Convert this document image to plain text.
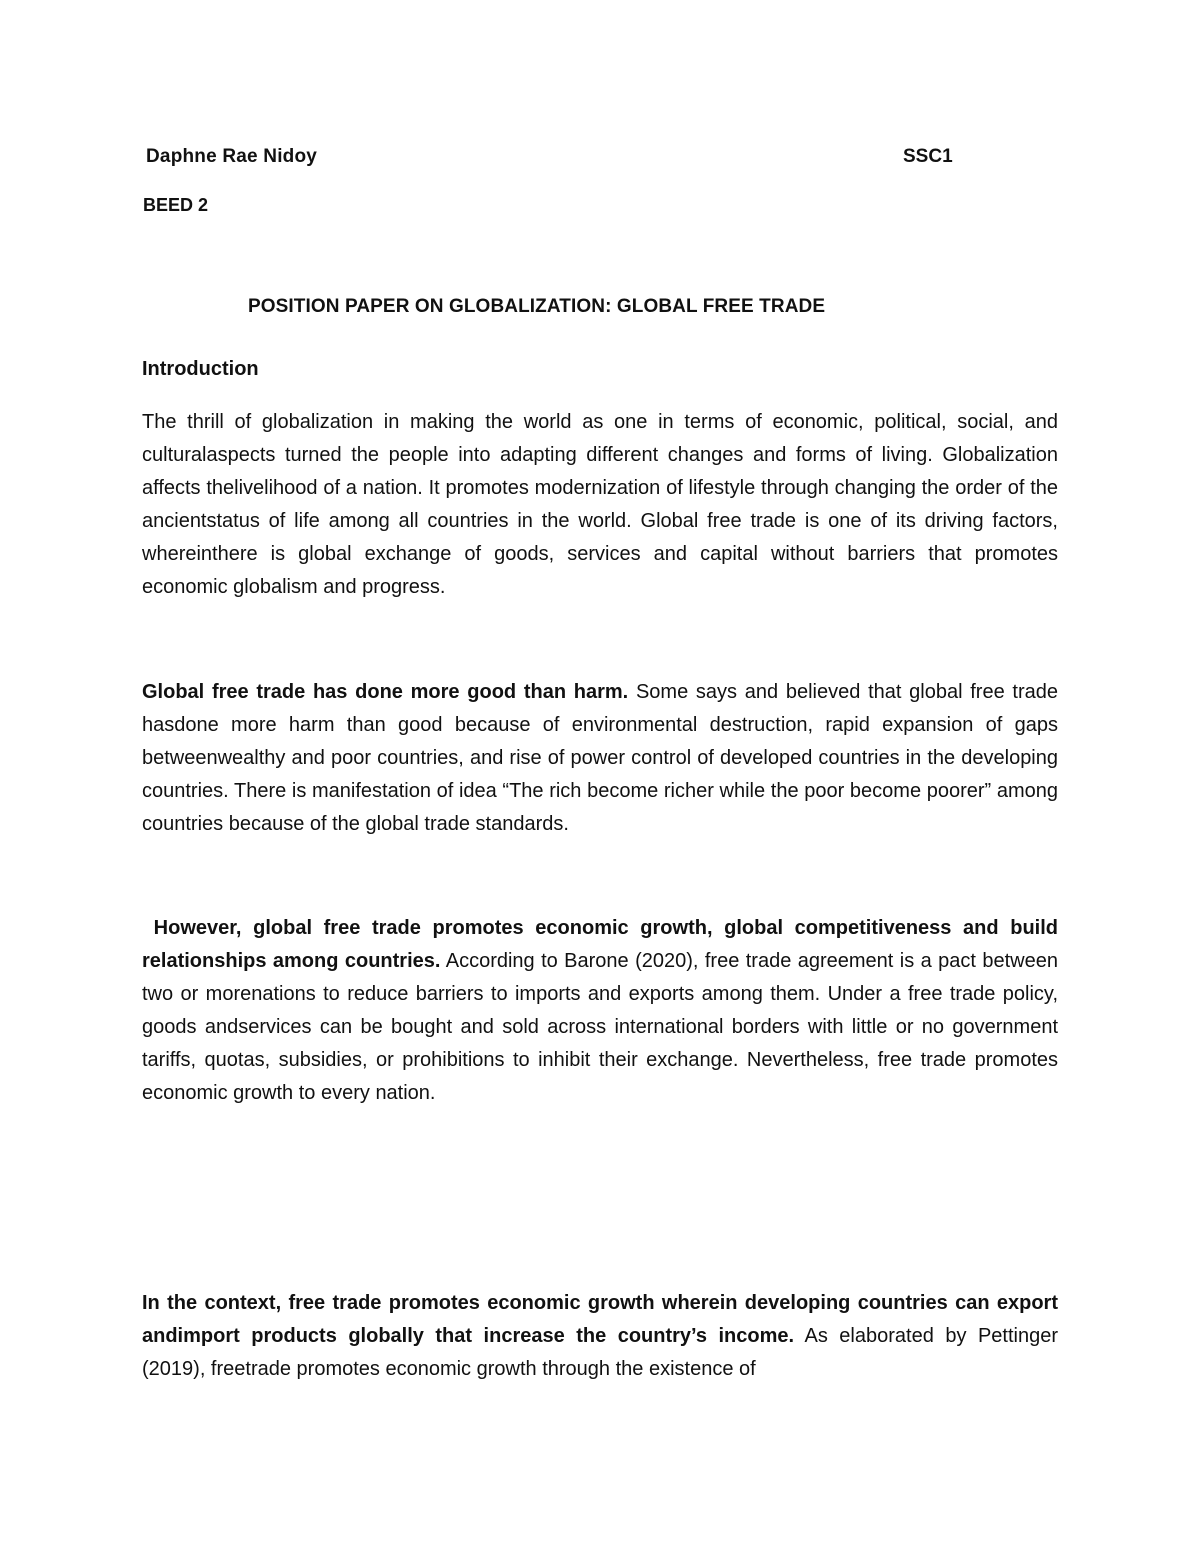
Daphne Rae Nidoy	SSC1
BEED 2
POSITION PAPER ON GLOBALIZATION: GLOBAL FREE TRADE
Introduction
The thrill of globalization in making the world as one in terms of economic, political, social, and culturalaspects turned the people into adapting different changes and forms of living. Globalization affects thelivelihood of a nation. It promotes modernization of lifestyle through changing the order of the ancientstatus of life among all countries in the world. Global free trade is one of its driving factors, whereinthere is global exchange of goods, services and capital without barriers that promotes economic globalism and progress.
Global free trade has done more good than harm. Some says and believed that global free trade hasdone more harm than good because of environmental destruction, rapid expansion of gaps betweenwealthy and poor countries, and rise of power control of developed countries in the developing countries. There is manifestation of idea “The rich become richer while the poor become poorer” among countries because of the global trade standards.
However, global free trade promotes economic growth, global competitiveness and build relationships among countries. According to Barone (2020), free trade agreement is a pact between two or morenations to reduce barriers to imports and exports among them. Under a free trade policy, goods andservices can be bought and sold across international borders with little or no government tariffs, quotas, subsidies, or prohibitions to inhibit their exchange. Nevertheless, free trade promotes economic growth to every nation.
In the context, free trade promotes economic growth wherein developing countries can export andimport products globally that increase the country’s income. As elaborated by Pettinger (2019), freetrade promotes economic growth through the existence of
